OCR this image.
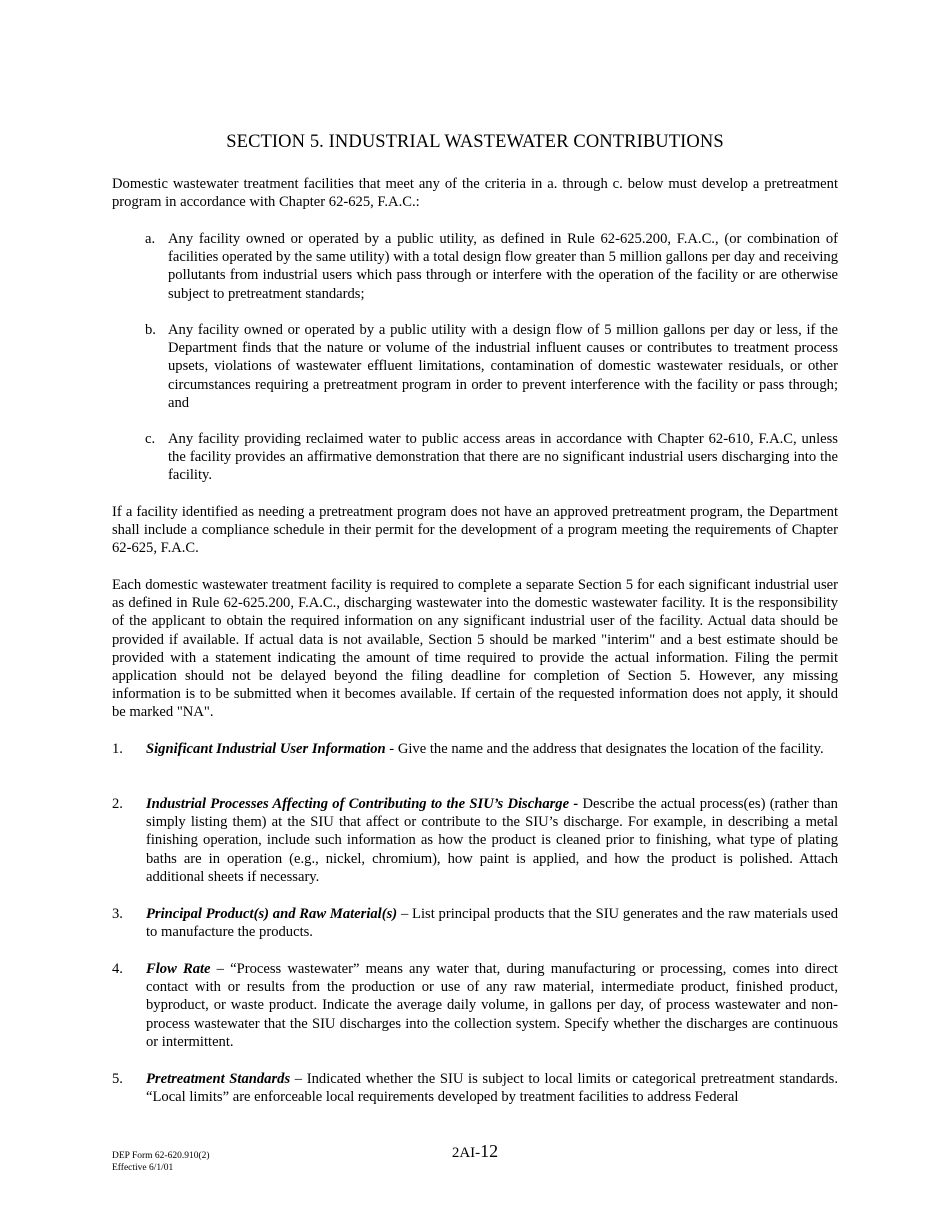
SECTION 5. INDUSTRIAL WASTEWATER CONTRIBUTIONS

Domestic wastewater treatment facilities that meet any of the criteria in a. through c. below must develop a pretreatment program in accordance with Chapter 62-625, F.A.C.:

a. Any facility owned or operated by a public utility, as defined in Rule 62-625.200, F.A.C., (or combination of facilities operated by the same utility) with a total design flow greater than 5 million gallons per day and receiving pollutants from industrial users which pass through or interfere with the operation of the facility or are otherwise subject to pretreatment standards;
b. Any facility owned or operated by a public utility with a design flow of 5 million gallons per day or less, if the Department finds that the nature or volume of the industrial influent causes or contributes to treatment process upsets, violations of wastewater effluent limitations, contamination of domestic wastewater residuals, or other circumstances requiring a pretreatment program in order to prevent interference with the facility or pass through; and
c. Any facility providing reclaimed water to public access areas in accordance with Chapter 62-610, F.A.C, unless the facility provides an affirmative demonstration that there are no significant industrial users discharging into the facility.

If a facility identified as needing a pretreatment program does not have an approved pretreatment program, the Department shall include a compliance schedule in their permit for the development of a program meeting the requirements of Chapter 62-625, F.A.C.

Each domestic wastewater treatment facility is required to complete a separate Section 5 for each significant industrial user as defined in Rule 62-625.200, F.A.C., discharging wastewater into the domestic wastewater facility. It is the responsibility of the applicant to obtain the required information on any significant industrial user of the facility. Actual data should be provided if available. If actual data is not available, Section 5 should be marked "interim" and a best estimate should be provided with a statement indicating the amount of time required to provide the actual information. Filing the permit application should not be delayed beyond the filing deadline for completion of Section 5. However, any missing information is to be submitted when it becomes available. If certain of the requested information does not apply, it should be marked "NA".

1.	Significant Industrial User Information - Give the name and the address that designates the location of the facility.
2.	Industrial Processes Affecting of Contributing to the SIU’s Discharge - Describe the actual process(es) (rather than simply listing them) at the SIU that affect or contribute to the SIU’s discharge. For example, in describing a metal finishing operation, include such information as how the product is cleaned prior to finishing, what type of plating baths are in operation (e.g., nickel, chromium), how paint is applied, and how the product is polished. Attach additional sheets if necessary.
3.	Principal Product(s) and Raw Material(s) – List principal products that the SIU generates and the raw materials used to manufacture the products.
4.	Flow Rate – “Process wastewater” means any water that, during manufacturing or processing, comes into direct contact with or results from the production or use of any raw material, intermediate product, finished product, byproduct, or waste product. Indicate the average daily volume, in gallons per day, of process wastewater and non-process wastewater that the SIU discharges into the collection system. Specify whether the discharges are continuous or intermittent.
5.	Pretreatment Standards – Indicated whether the SIU is subject to local limits or categorical pretreatment standards. “Local limits” are enforceable local requirements developed by treatment facilities to address Federal
DEP Form 62-620.910(2)
Effective 6/1/01
2AI-12
